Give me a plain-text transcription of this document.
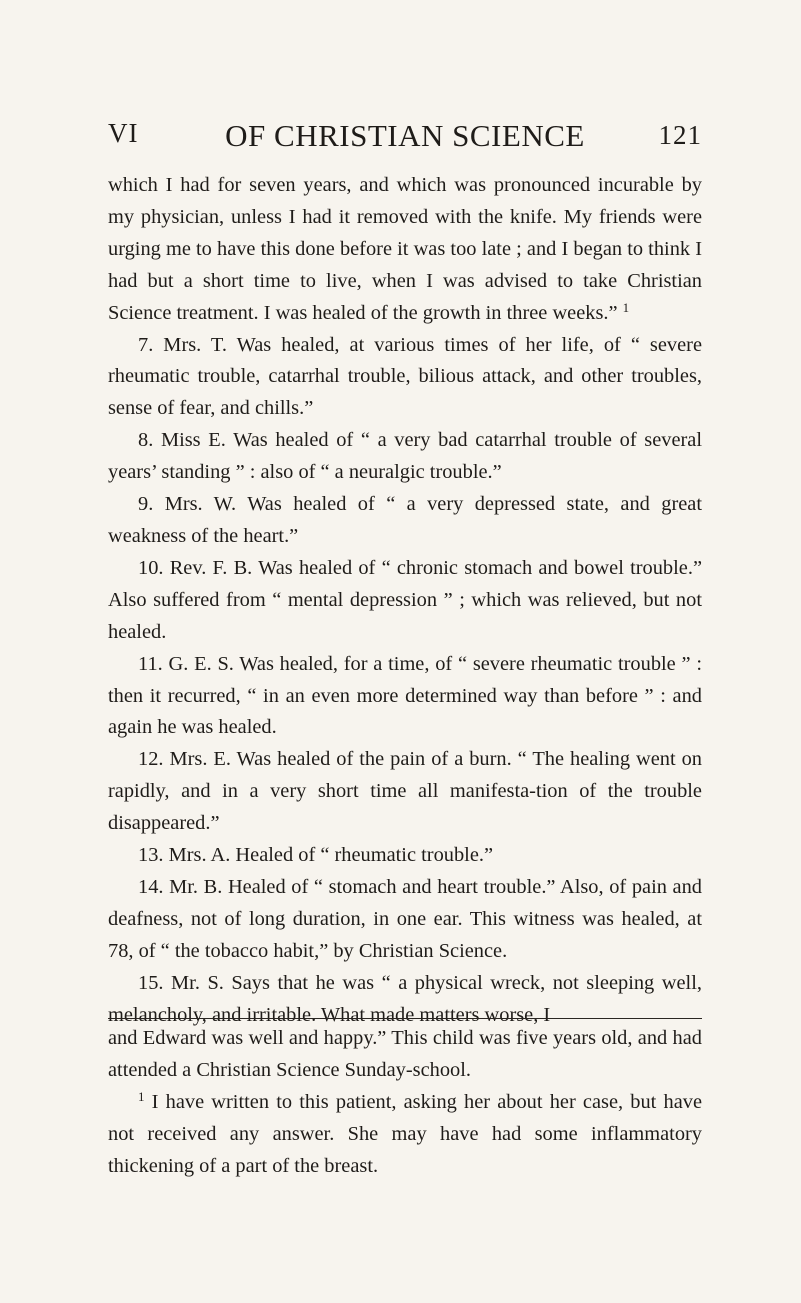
VI	OF CHRISTIAN SCIENCE	121

which I had for seven years, and which was pronounced incurable by my physician, unless I had it removed with the knife. My friends were urging me to have this done before it was too late ; and I began to think I had but a short time to live, when I was advised to take Christian Science treatment. I was healed of the growth in three weeks.” $^1$

7. Mrs. T. Was healed, at various times of her life, of “ severe rheumatic trouble, catarrhal trouble, bilious attack, and other troubles, sense of fear, and chills.”

8. Miss E. Was healed of “ a very bad catarrhal trouble of several years’ standing ” : also of “ a neuralgic trouble.”

9. Mrs. W. Was healed of “ a very depressed state, and great weakness of the heart.”

10. Rev. F. B. Was healed of “ chronic stomach and bowel trouble.” Also suffered from “ mental depression ” ; which was relieved, but not healed.

11. G. E. S. Was healed, for a time, of “ severe rheumatic trouble ” : then it recurred, “ in an even more determined way than before ” : and again he was healed.

12. Mrs. E. Was healed of the pain of a burn. “ The healing went on rapidly, and in a very short time all manifesta-tion of the trouble disappeared.”

13. Mrs. A. Healed of “ rheumatic trouble.”

14. Mr. B. Healed of “ stomach and heart trouble.” Also, of pain and deafness, not of long duration, in one ear. This witness was healed, at 78, of “ the tobacco habit,” by Christian Science.

15. Mr. S. Says that he was “ a physical wreck, not sleeping well, melancholy, and irritable. What made matters worse, I

and Edward was well and happy.” This child was five years old, and had attended a Christian Science Sunday-school.

$^1$ I have written to this patient, asking her about her case, but have not received any answer. She may have had some inflammatory thickening of a part of the breast.
